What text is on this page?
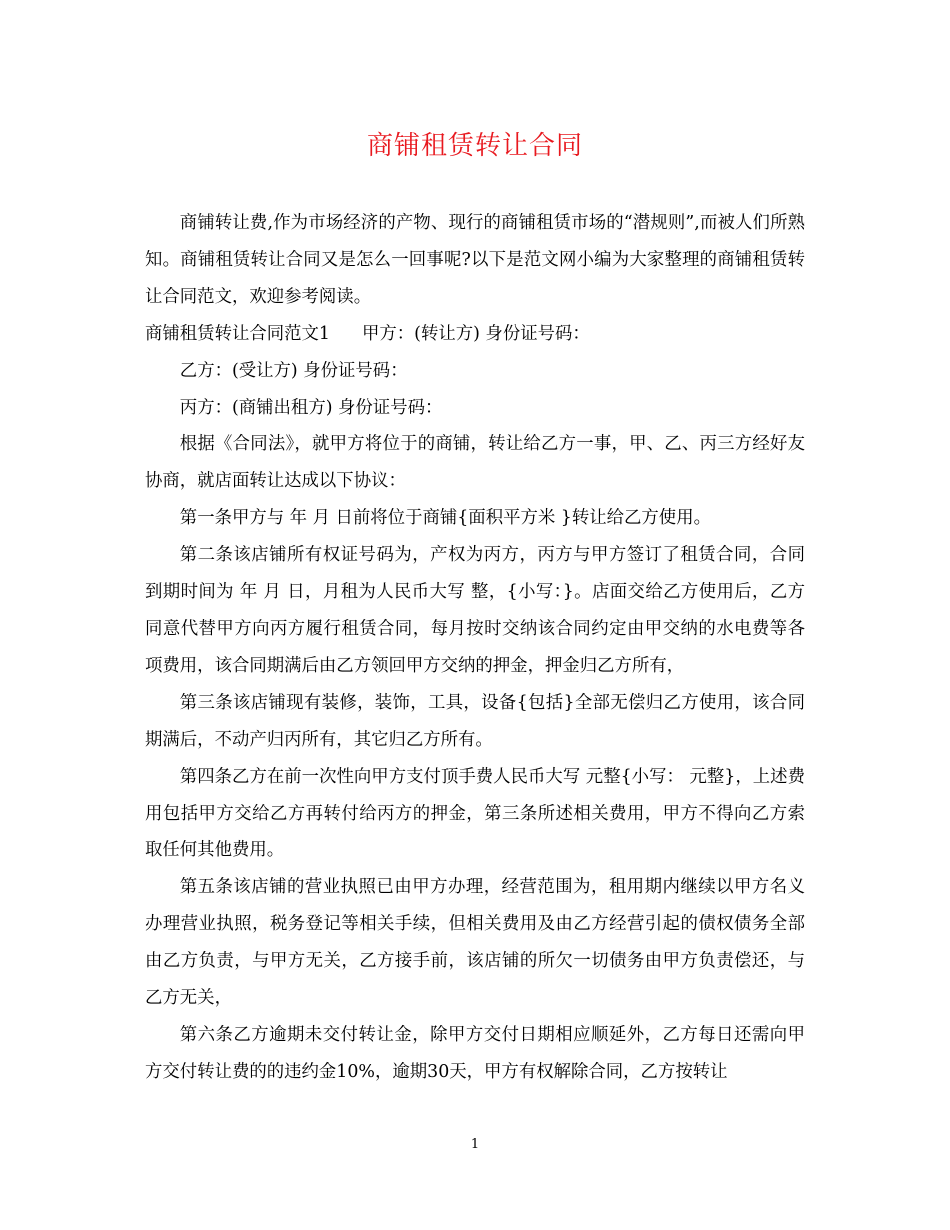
商铺租赁转让合同

商铺转让费,作为市场经济的产物、现行的商铺租赁市场的“潜规则”,而被人们所熟知。商铺租赁转让合同又是怎么一回事呢?以下是范文网小编为大家整理的商铺租赁转让合同范文，欢迎参考阅读。

商铺租赁转让合同范文1 甲方：(转让方) 身份证号码：

乙方：(受让方) 身份证号码：

丙方：(商铺出租方) 身份证号码：

根据《合同法》，就甲方将位于的商铺，转让给乙方一事，甲、乙、丙三方经好友协商，就店面转让达成以下协议：

第一条甲方与 年 月 日前将位于商铺{面积平方米 }转让给乙方使用。

第二条该店铺所有权证号码为，产权为丙方，丙方与甲方签订了租赁合同，合同到期时间为 年 月 日，月租为人民币大写 整，{小写：}。店面交给乙方使用后，乙方同意代替甲方向丙方履行租赁合同，每月按时交纳该合同约定由甲交纳的水电费等各项费用，该合同期满后由乙方领回甲方交纳的押金，押金归乙方所有，

第三条该店铺现有装修，装饰，工具，设备{包括}全部无偿归乙方使用，该合同期满后，不动产归丙所有，其它归乙方所有。

第四条乙方在前一次性向甲方支付顶手费人民币大写 元整{小写： 元整}，上述费用包括甲方交给乙方再转付给丙方的押金，第三条所述相关费用，甲方不得向乙方索取任何其他费用。

第五条该店铺的营业执照已由甲方办理，经营范围为，租用期内继续以甲方名义办理营业执照，税务登记等相关手续，但相关费用及由乙方经营引起的债权债务全部由乙方负责，与甲方无关，乙方接手前，该店铺的所欠一切债务由甲方负责偿还，与乙方无关，

第六条乙方逾期未交付转让金，除甲方交付日期相应顺延外，乙方每日还需向甲方交付转让费的的违约金10%，逾期30天，甲方有权解除合同，乙方按转让

1
